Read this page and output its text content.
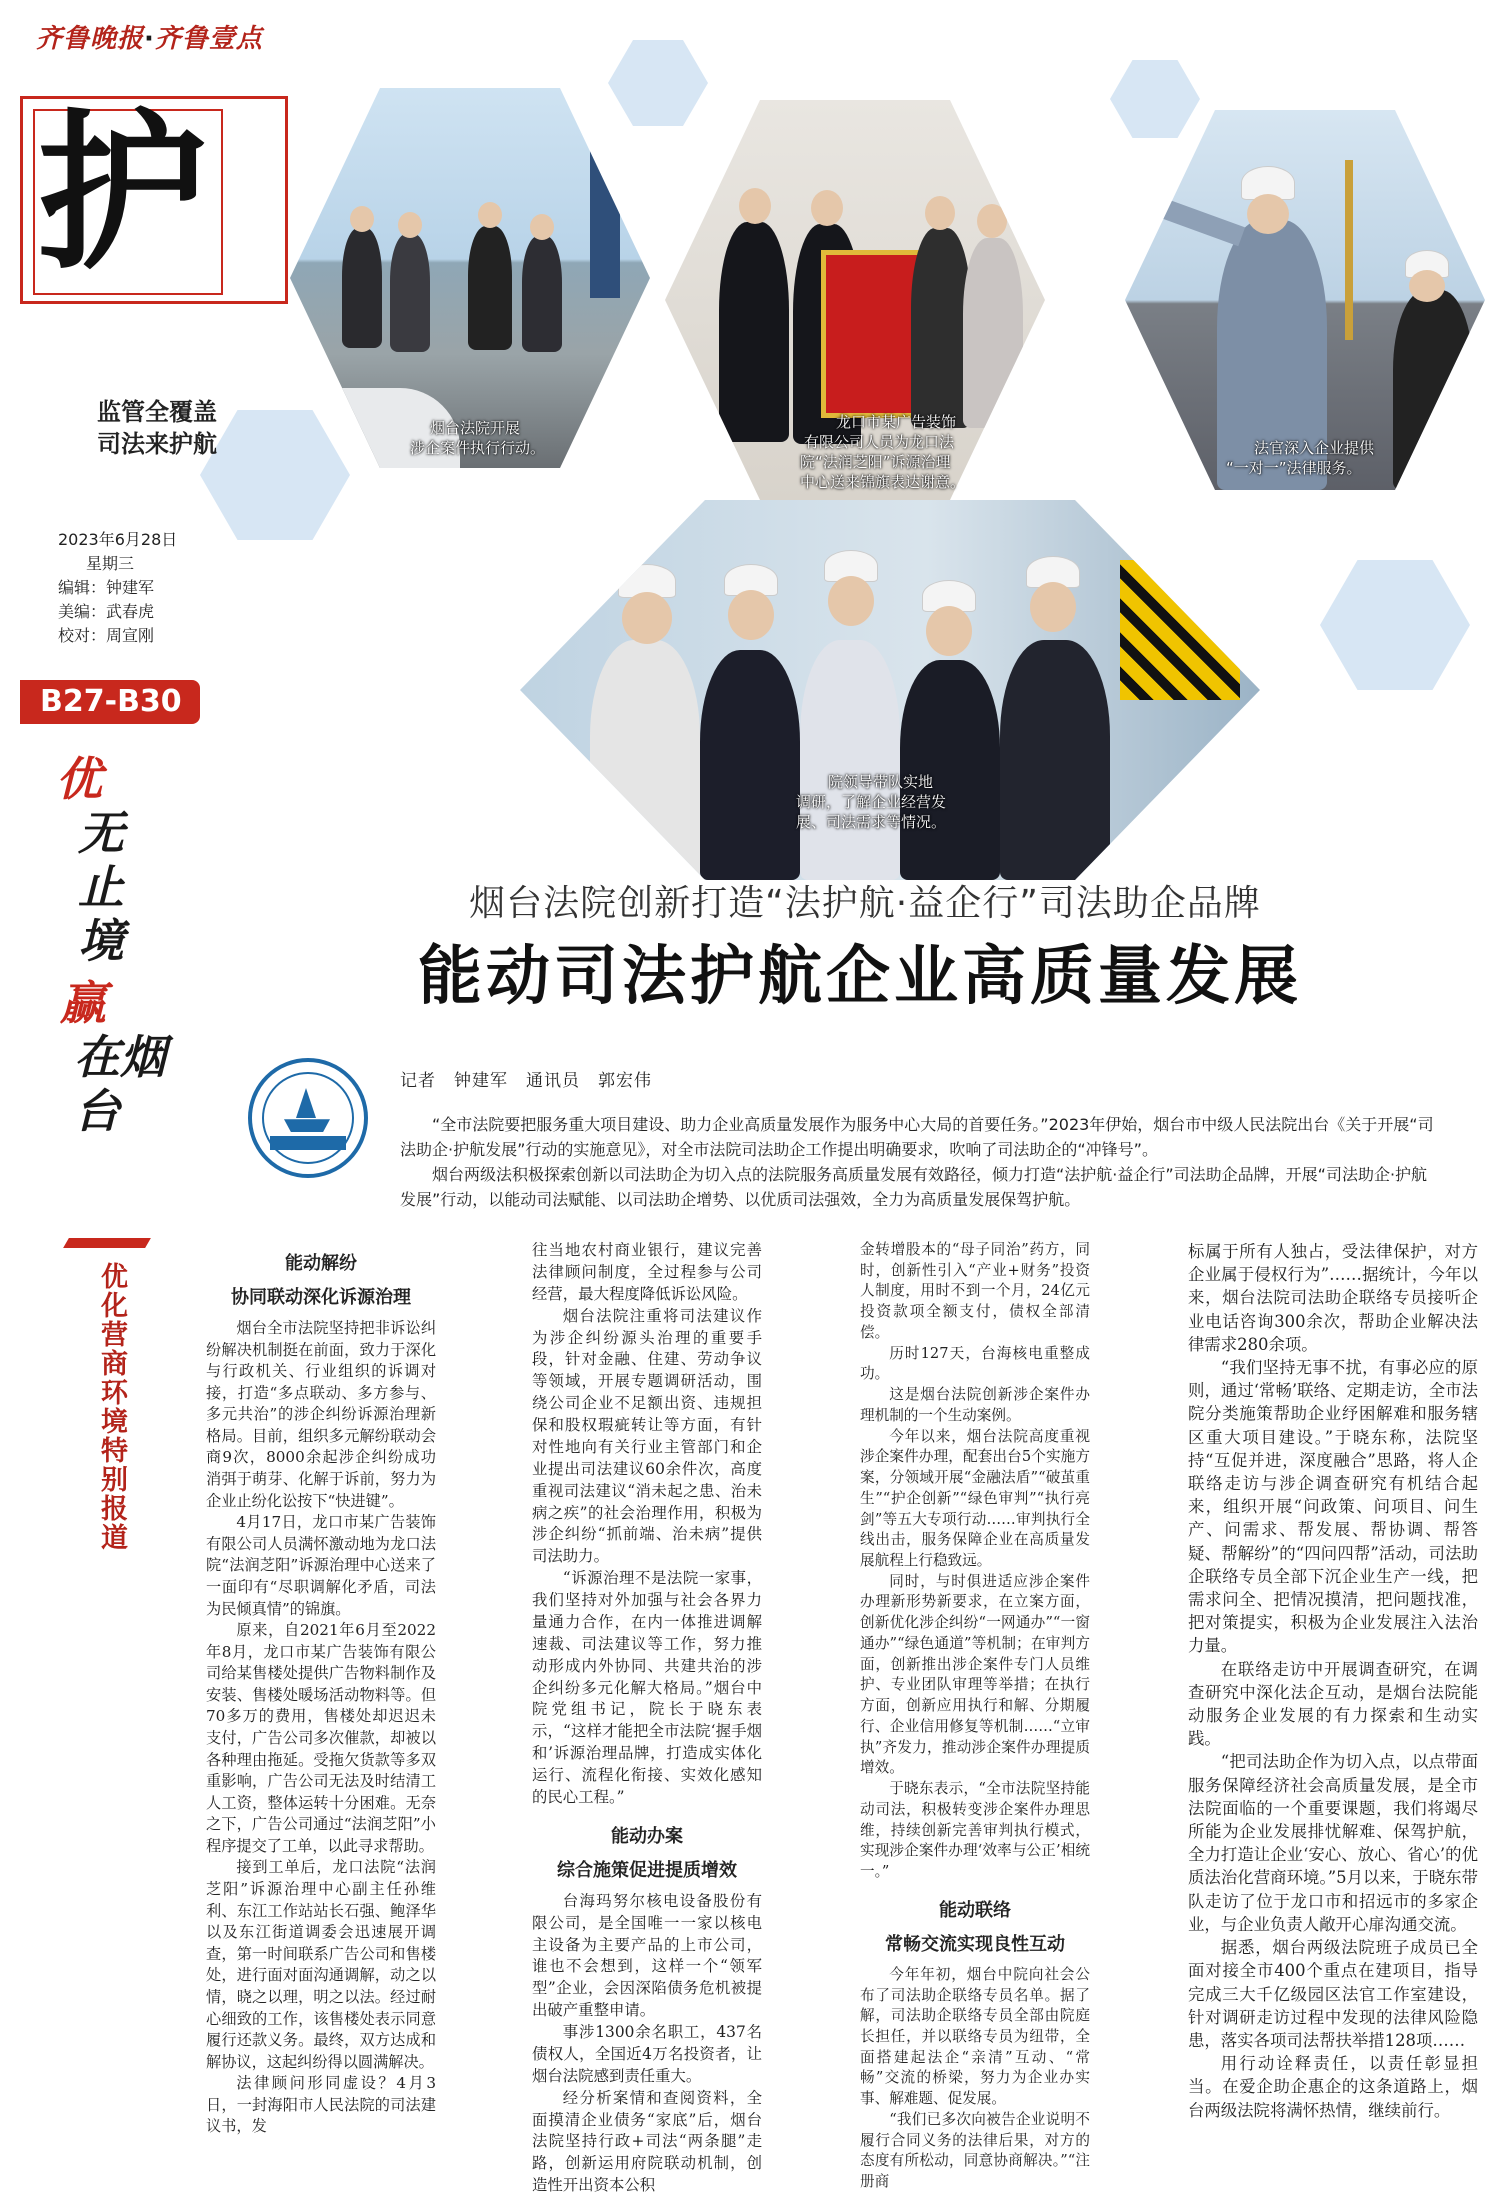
齐鲁晚报·齐鲁壹点
护
监管全覆盖
司法来护航
2023年6月28日
星期三
编辑：钟建军
美编：武春虎
校对：周宣刚
B27-B30
优
无止境
赢
在烟台
优化营商环境特别报道
烟台法院开展
涉企案件执行行动。
龙口市某广告装饰
有限公司人员为龙口法
院“法润芝阳”诉源治理
中心送来锦旗表达谢意。
法官深入企业提供
“一对一”法律服务。
院领导带队实地
调研，了解企业经营发
展、司法需求等情况。
烟台法院创新打造“法护航·益企行”司法助企品牌
能动司法护航企业高质量发展
记者　钟建军　通讯员　郭宏伟

“全市法院要把服务重大项目建设、助力企业高质量发展作为服务中心大局的首要任务。”2023年伊始，烟台市中级人民法院出台《关于开展“司法助企·护航发展”行动的实施意见》，对全市法院司法助企工作提出明确要求，吹响了司法助企的“冲锋号”。

烟台两级法积极探索创新以司法助企为切入点的法院服务高质量发展有效路径，倾力打造“法护航·益企行”司法助企品牌，开展“司法助企·护航发展”行动，以能动司法赋能、以司法助企增势、以优质司法强效，全力为高质量发展保驾护航。

能动解纷

协同联动深化诉源治理

烟台全市法院坚持把非诉讼纠纷解决机制挺在前面，致力于深化与行政机关、行业组织的诉调对接，打造“多点联动、多方参与、多元共治”的涉企纠纷诉源治理新格局。目前，组织多元解纷联动会商9次，8000余起涉企纠纷成功消弭于萌芽、化解于诉前，努力为企业止纷化讼按下“快进键”。

4月17日，龙口市某广告装饰有限公司人员满怀激动地为龙口法院“法润芝阳”诉源治理中心送来了一面印有“尽职调解化矛盾，司法为民倾真情”的锦旗。

原来，自2021年6月至2022年8月，龙口市某广告装饰有限公司给某售楼处提供广告物料制作及安装、售楼处暖场活动物料等。但70多万的费用，售楼处却迟迟未支付，广告公司多次催款，却被以各种理由拖延。受拖欠货款等多双重影响，广告公司无法及时结清工人工资，整体运转十分困难。无奈之下，广告公司通过“法润芝阳”小程序提交了工单，以此寻求帮助。

接到工单后，龙口法院“法润芝阳”诉源治理中心副主任孙维利、东江工作站站长石强、鲍泽华以及东江街道调委会迅速展开调查，第一时间联系广告公司和售楼处，进行面对面沟通调解，动之以情，晓之以理，明之以法。经过耐心细致的工作，该售楼处表示同意履行还款义务。最终，双方达成和解协议，这起纠纷得以圆满解决。

法律顾问形同虚设？4月3日，一封海阳市人民法院的司法建议书，发

往当地农村商业银行，建议完善法律顾问制度，全过程参与公司经营，最大程度降低诉讼风险。

烟台法院注重将司法建议作为涉企纠纷源头治理的重要手段，针对金融、住建、劳动争议等领域，开展专题调研活动，围绕公司企业不足额出资、违规担保和股权瑕疵转让等方面，有针对性地向有关行业主管部门和企业提出司法建议60余件次，高度重视司法建议“消未起之患、治未病之疾”的社会治理作用，积极为涉企纠纷“抓前端、治未病”提供司法助力。

“诉源治理不是法院一家事，我们坚持对外加强与社会各界力量通力合作，在内一体推进调解速裁、司法建议等工作，努力推动形成内外协同、共建共治的涉企纠纷多元化解大格局。”烟台中院党组书记，院长于晓东表示，“这样才能把全市法院‘握手烟和’诉源治理品牌，打造成实体化运行、流程化衔接、实效化感知的民心工程。”

能动办案

综合施策促进提质增效

台海玛努尔核电设备股份有限公司，是全国唯一一家以核电主设备为主要产品的上市公司，谁也不会想到，这样一个“领军型”企业，会因深陷债务危机被提出破产重整申请。

事涉1300余名职工，437名债权人，全国近4万名投资者，让烟台法院感到责任重大。

经分析案情和查阅资料，全面摸清企业债务“家底”后，烟台法院坚持行政+司法“两条腿”走路，创新运用府院联动机制，创造性开出资本公积

金转增股本的“母子同治”药方，同时，创新性引入“产业+财务”投资人制度，用时不到一个月，24亿元投资款项全额支付，债权全部清偿。

历时127天，台海核电重整成功。

这是烟台法院创新涉企案件办理机制的一个生动案例。

今年以来，烟台法院高度重视涉企案件办理，配套出台5个实施方案，分领域开展“金融法盾”“破茧重生”“护企创新”“绿色审判”“执行亮剑”等五大专项行动……审判执行全线出击，服务保障企业在高质量发展航程上行稳致远。

同时，与时俱进适应涉企案件办理新形势新要求，在立案方面，创新优化涉企纠纷“一网通办”“一窗通办”“绿色通道”等机制；在审判方面，创新推出涉企案件专门人员维护、专业团队审理等举措；在执行方面，创新应用执行和解、分期履行、企业信用修复等机制……“立审执”齐发力，推动涉企案件办理提质增效。

于晓东表示，“全市法院坚持能动司法，积极转变涉企案件办理思维，持续创新完善审判执行模式，实现涉企案件办理‘效率与公正’相统一。”

能动联络

常畅交流实现良性互动

今年年初，烟台中院向社会公布了司法助企联络专员名单。据了解，司法助企联络专员全部由院庭长担任，并以联络专员为纽带，全面搭建起法企“亲清”互动、“常畅”交流的桥梁，努力为企业办实事、解难题、促发展。

“我们已多次向被告企业说明不履行合同义务的法律后果，对方的态度有所松动，同意协商解决。”“注册商

标属于所有人独占，受法律保护，对方企业属于侵权行为”……据统计，今年以来，烟台法院司法助企联络专员接听企业电话咨询300余次，帮助企业解决法律需求280余项。

“我们坚持无事不扰，有事必应的原则，通过‘常畅’联络、定期走访，全市法院分类施策帮助企业纾困解难和服务辖区重大项目建设。”于晓东称，法院坚持“互促并进，深度融合”思路，将人企联络走访与涉企调查研究有机结合起来，组织开展“问政策、问项目、问生产、问需求、帮发展、帮协调、帮答疑、帮解纷”的“四问四帮”活动，司法助企联络专员全部下沉企业生产一线，把需求问全、把情况摸清，把问题找准，把对策提实，积极为企业发展注入法治力量。

在联络走访中开展调查研究，在调查研究中深化法企互动，是烟台法院能动服务企业发展的有力探索和生动实践。

“把司法助企作为切入点，以点带面服务保障经济社会高质量发展，是全市法院面临的一个重要课题，我们将竭尽所能为企业发展排忧解难、保驾护航，全力打造让企业‘安心、放心、省心’的优质法治化营商环境。”5月以来，于晓东带队走访了位于龙口市和招远市的多家企业，与企业负责人敞开心扉沟通交流。

据悉，烟台两级法院班子成员已全面对接全市400个重点在建项目，指导完成三大千亿级园区法官工作室建设，针对调研走访过程中发现的法律风险隐患，落实各项司法帮扶举措128项……

用行动诠释责任，以责任彰显担当。在爱企助企惠企的这条道路上，烟台两级法院将满怀热情，继续前行。
